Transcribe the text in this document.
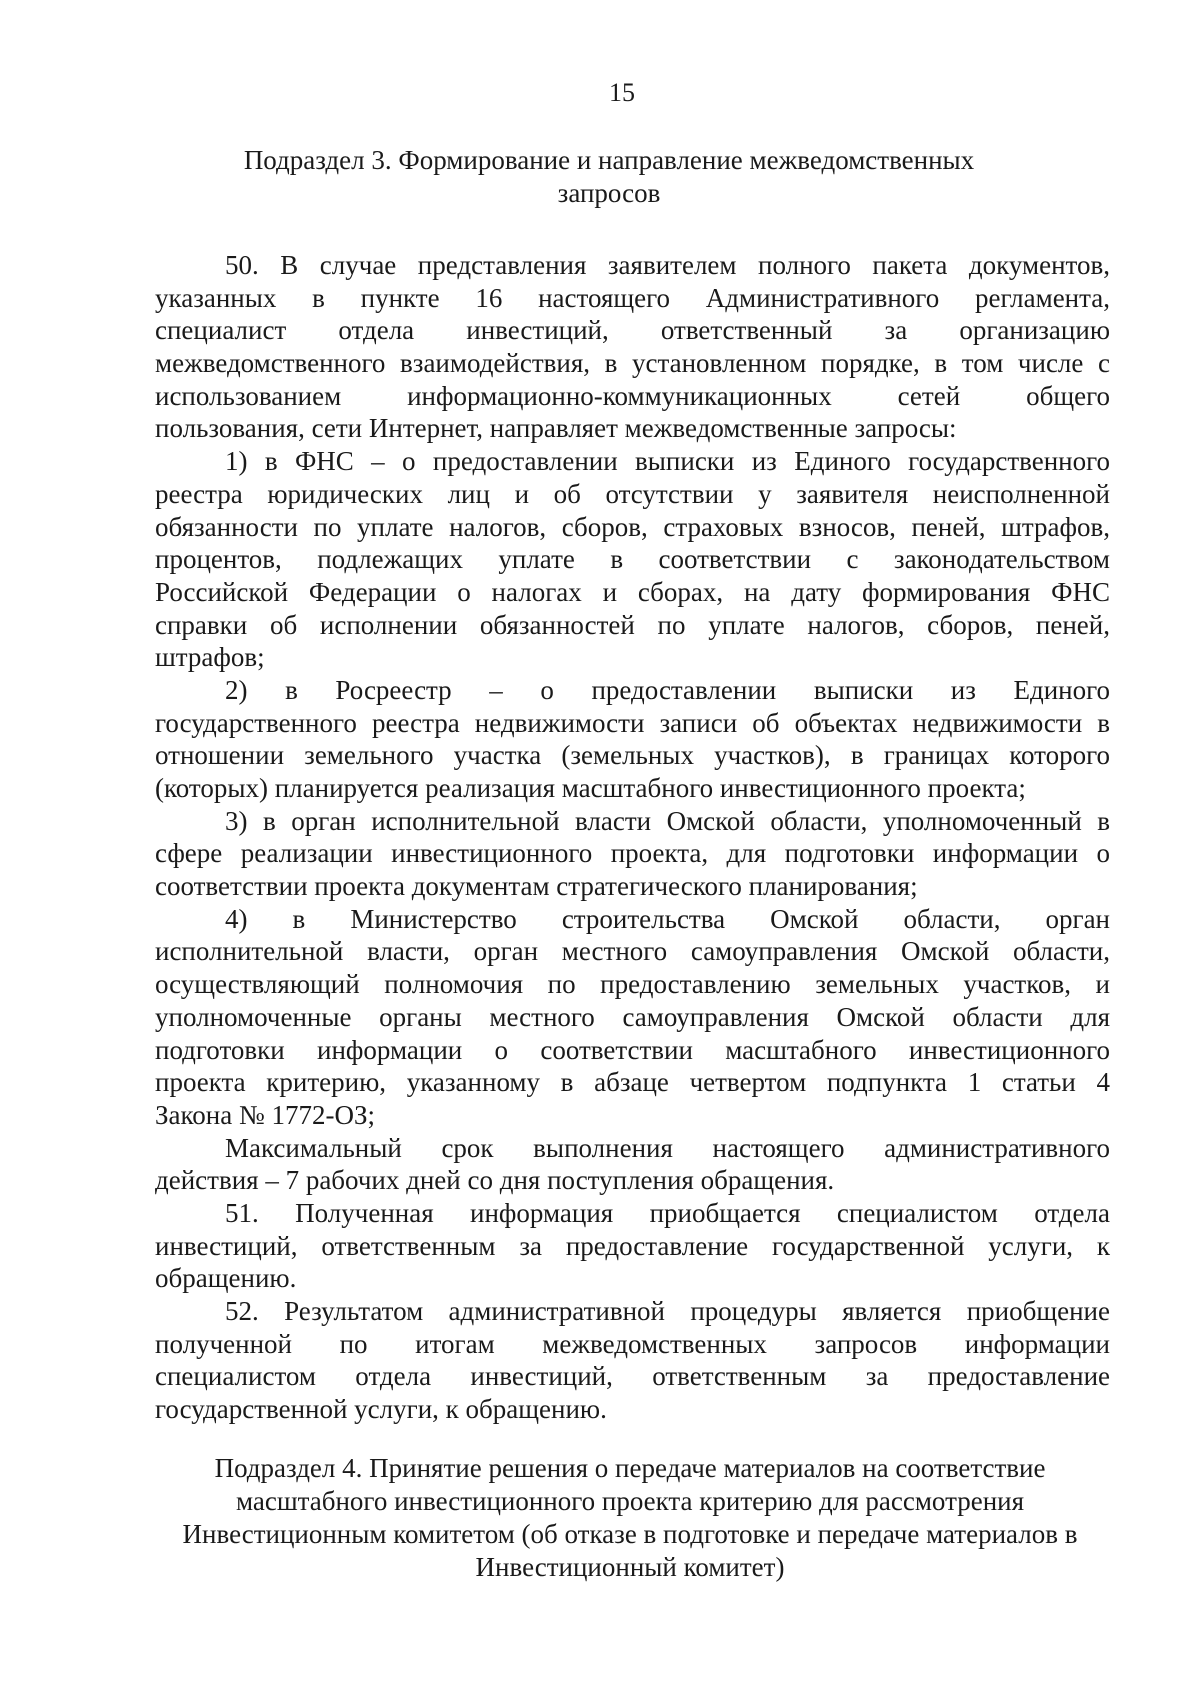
15
Подраздел 3. Формирование и направление межведомственных
запросов
50. В случае представления заявителем полного пакета документов,
указанных в пункте 16 настоящего Административного регламента,
специалист отдела инвестиций, ответственный за организацию
межведомственного взаимодействия, в установленном порядке, в том числе с
использованием информационно-коммуникационных сетей общего
пользования, сети Интернет, направляет межведомственные запросы:
1) в ФНС – о предоставлении выписки из Единого государственного
реестра юридических лиц и об отсутствии у заявителя неисполненной
обязанности по уплате налогов, сборов, страховых взносов, пеней, штрафов,
процентов, подлежащих уплате в соответствии с законодательством
Российской Федерации о налогах и сборах, на дату формирования ФНС
справки об исполнении обязанностей по уплате налогов, сборов, пеней,
штрафов;
2) в Росреестр – о предоставлении выписки из Единого
государственного реестра недвижимости записи об объектах недвижимости в
отношении земельного участка (земельных участков), в границах которого
(которых) планируется реализация масштабного инвестиционного проекта;
3) в орган исполнительной власти Омской области, уполномоченный в
сфере реализации инвестиционного проекта, для подготовки информации о
соответствии проекта документам стратегического планирования;
4) в Министерство строительства Омской области, орган
исполнительной власти, орган местного самоуправления Омской области,
осуществляющий полномочия по предоставлению земельных участков, и
уполномоченные органы местного самоуправления Омской области для
подготовки информации о соответствии масштабного инвестиционного
проекта критерию, указанному в абзаце четвертом подпункта 1 статьи 4
Закона № 1772-ОЗ;
Максимальный срок выполнения настоящего административного
действия – 7 рабочих дней со дня поступления обращения.
51. Полученная информация приобщается специалистом отдела
инвестиций, ответственным за предоставление государственной услуги, к
обращению.
52. Результатом административной процедуры является приобщение
полученной по итогам межведомственных запросов информации
специалистом отдела инвестиций, ответственным за предоставление
государственной услуги, к обращению.
Подраздел 4. Принятие решения о передаче материалов на соответствие
масштабного инвестиционного проекта критерию для рассмотрения
Инвестиционным комитетом (об отказе в подготовке и передаче материалов в
Инвестиционный комитет)
